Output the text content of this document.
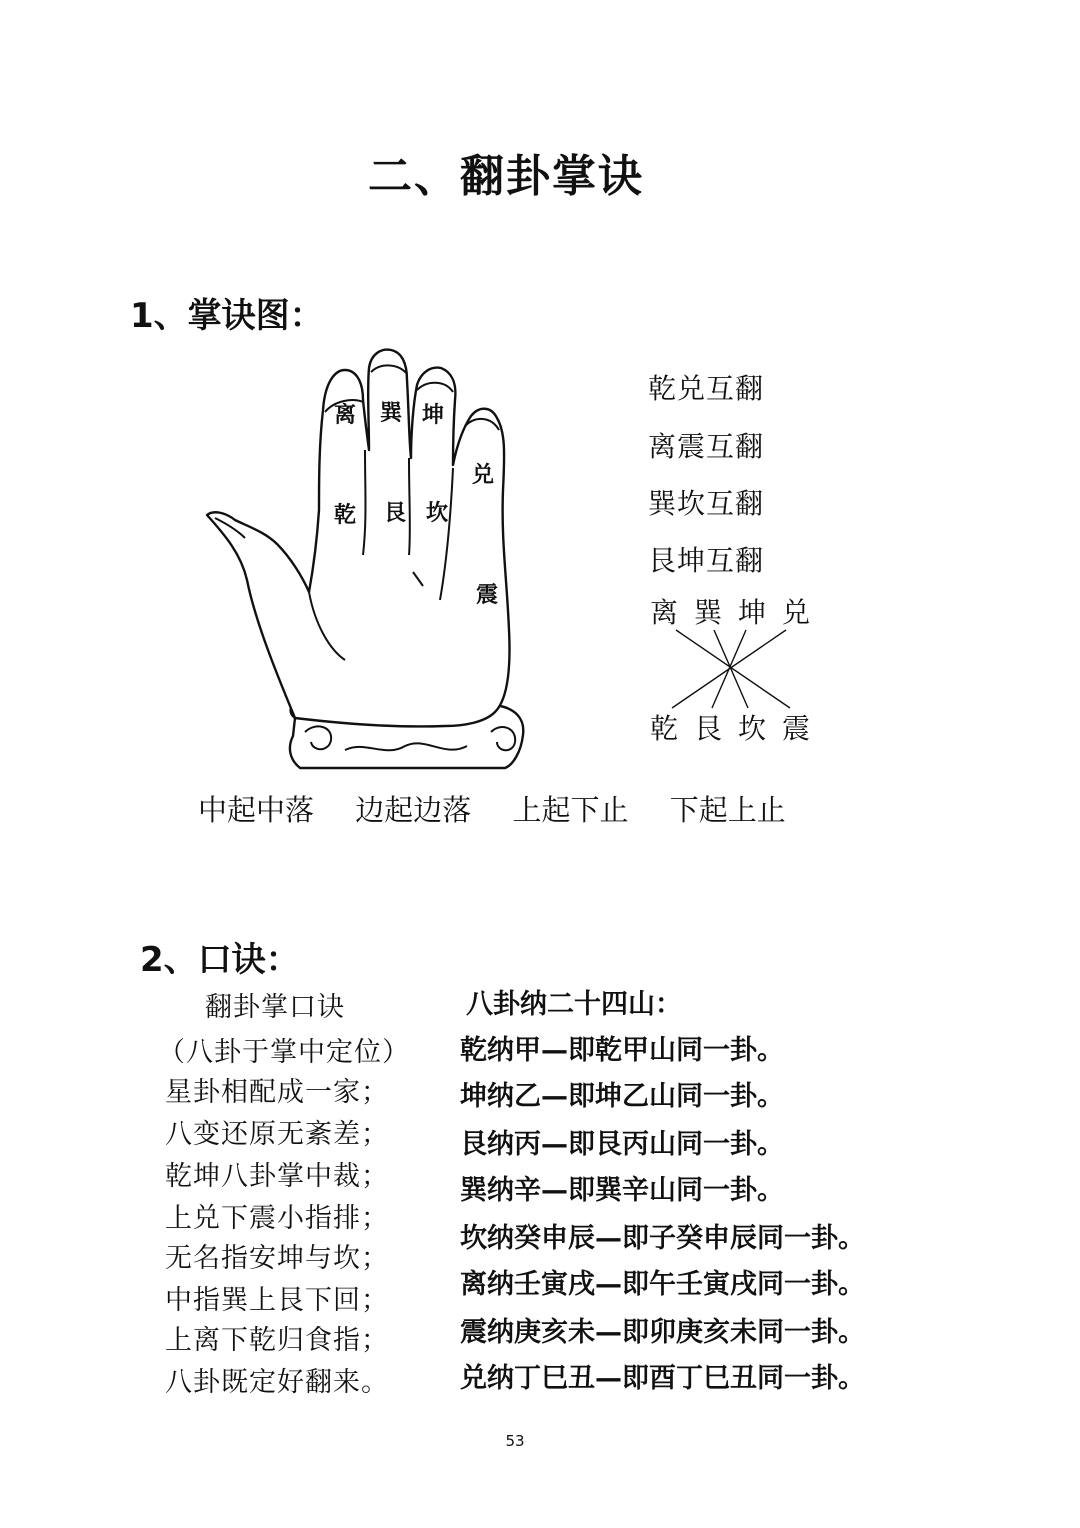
二、翻卦掌诀
1、掌诀图：
离 巽 坤
兑
乾 艮 坎
震
乾兑互翻
离震互翻
巽坎互翻
艮坤互翻
离 巽 坤 兑
乾 艮 坎 震
中起中落 边起边落 上起下止 下起上止
2、口诀：
翻卦掌口诀
（八卦于掌中定位）
星卦相配成一家；
八变还原无紊差；
乾坤八卦掌中裁；
上兑下震小指排；
无名指安坤与坎；
中指巽上艮下回；
上离下乾归食指；
八卦既定好翻来。
八卦纳二十四山：
乾纳甲—即乾甲山同一卦。
坤纳乙—即坤乙山同一卦。
艮纳丙—即艮丙山同一卦。
巽纳辛—即巽辛山同一卦。
坎纳癸申辰—即子癸申辰同一卦。
离纳壬寅戌—即午壬寅戌同一卦。
震纳庚亥未—即卯庚亥未同一卦。
兑纳丁巳丑—即酉丁巳丑同一卦。
53
